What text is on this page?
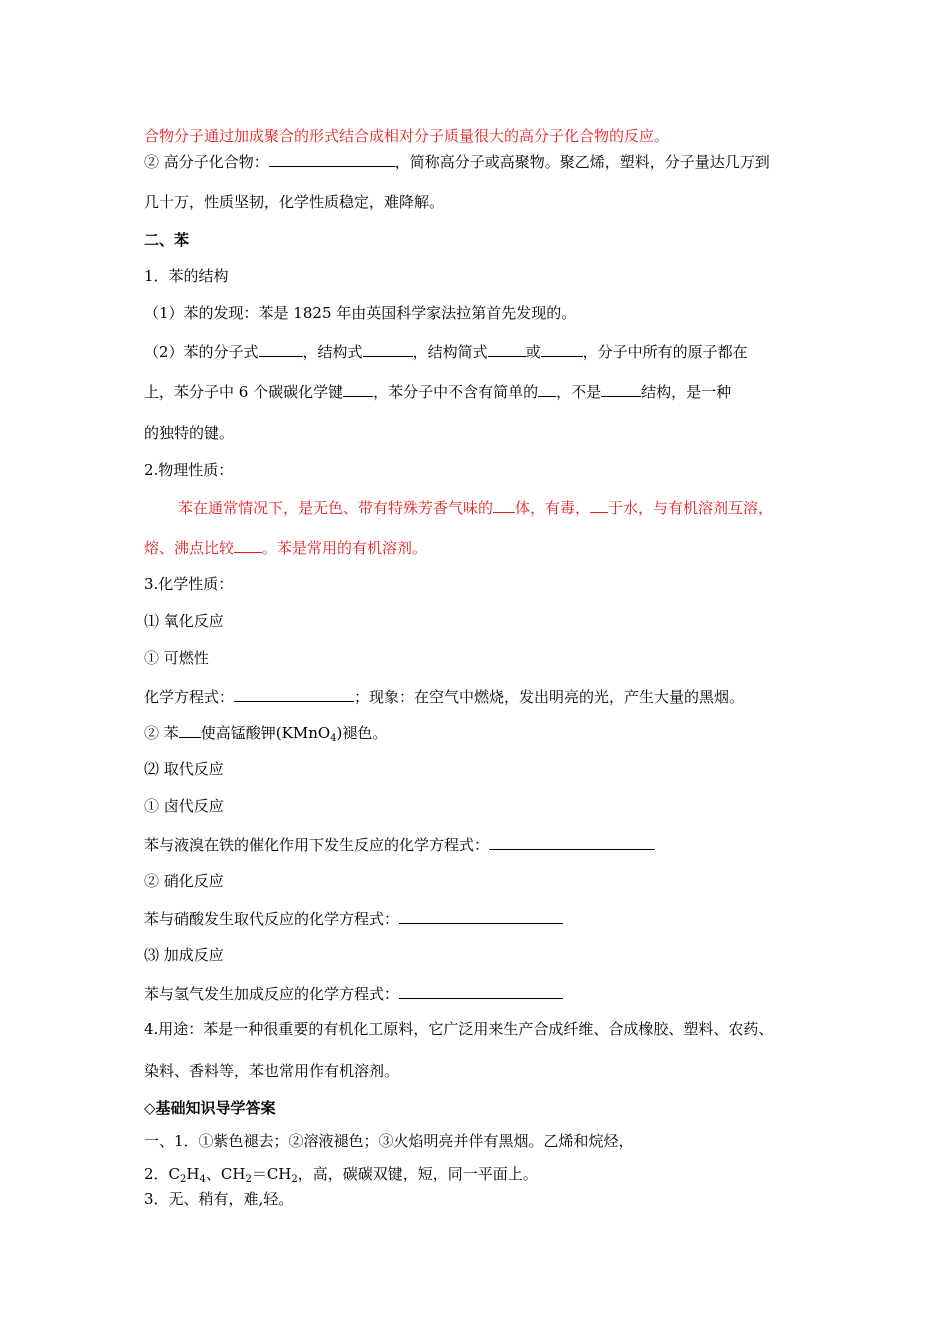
合物分子通过加成聚合的形式结合成相对分子质量很大的高分子化合物的反应。
② 高分子化合物：	，简称高分子或高聚物。聚乙烯，塑料，分子量达几万到
几十万，性质坚韧，化学性质稳定，难降解。
二、苯
1．苯的结构
（1）苯的发现：苯是 1825 年由英国科学家法拉第首先发现的。
（2）苯的分子式	，结构式	，结构简式	或	，分子中所有的原子都在
上，苯分子中 6 个碳碳化学键 ，苯分子中不含有简单的 ，不是	结构，是一种
的独特的键。
2.物理性质：
苯在通常情况下，是无色、带有特殊芳香气味的 体，有毒， 于水，与有机溶剂互溶，
熔、沸点比较 。苯是常用的有机溶剂。
3.化学性质：
⑴ 氧化反应
① 可燃性
化学方程式：	；现象：在空气中燃烧，发出明亮的光，产生大量的黑烟。
② 苯 使高锰酸钾(KMnO$_4$)褪色。
⑵ 取代反应
① 卤代反应
苯与液溴在铁的催化作用下发生反应的化学方程式：
② 硝化反应
苯与硝酸发生取代反应的化学方程式：
⑶ 加成反应
苯与氢气发生加成反应的化学方程式：
4.用途：苯是一种很重要的有机化工原料，它广泛用来生产合成纤维、合成橡胶、塑料、农药、
染料、香料等，苯也常用作有机溶剂。
◇基础知识导学答案
一、1．①紫色褪去；②溶液褪色；③火焰明亮并伴有黑烟。乙烯和烷烃，
2．$C_2H_4$、$CH_2=CH_2$，高，碳碳双键，短，同一平面上。
3．无、稍有，难,轻。
